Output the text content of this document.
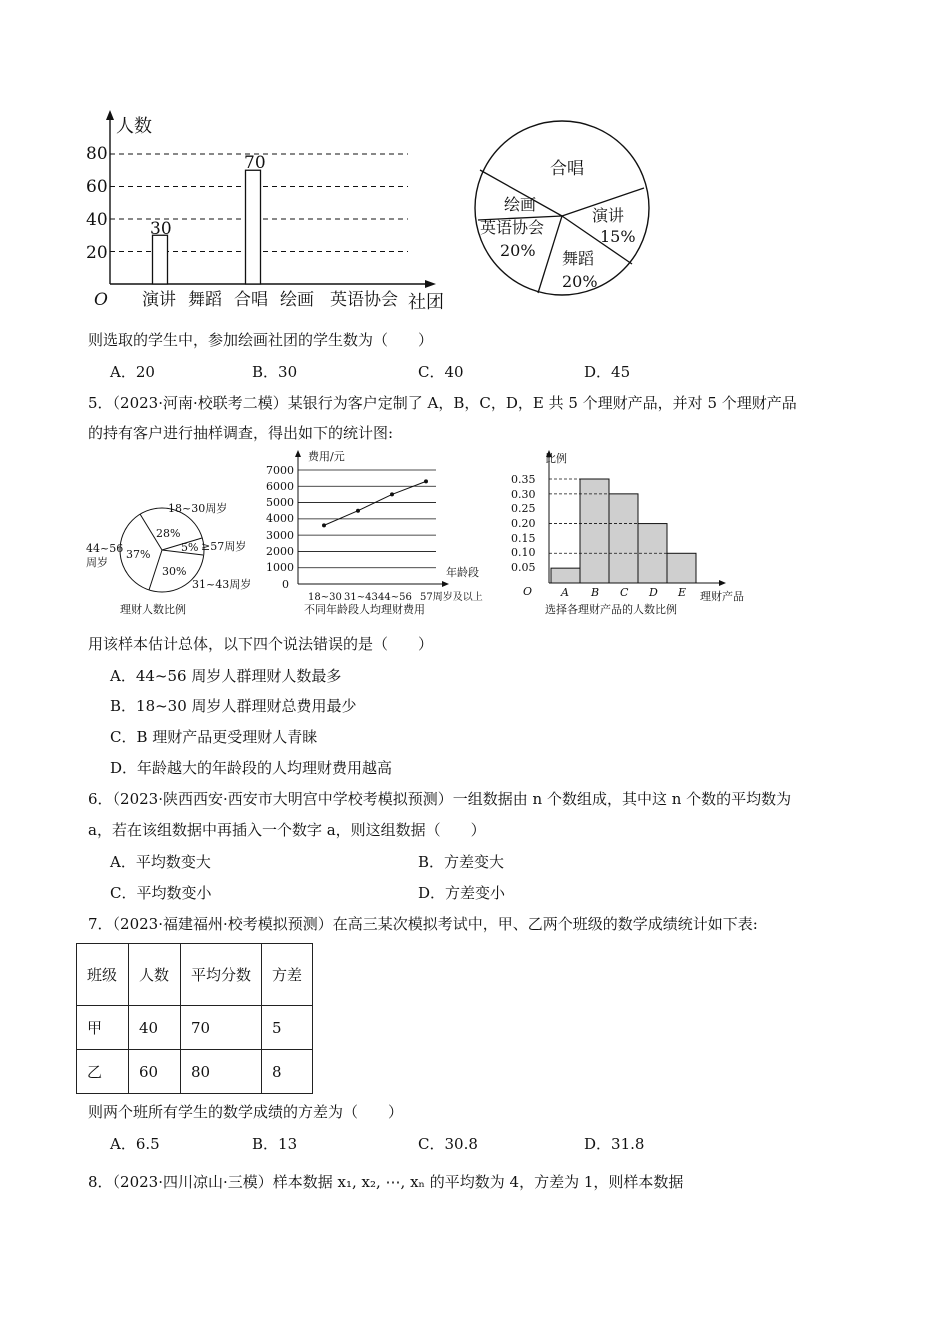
人数
O	社团
80
60
40
20
演讲 舞蹈 合唱 绘画 英语协会
30
70	合唱
绘画
英语协会
20%
演讲
15%
舞蹈
20%
则选取的学生中，参加绘画社团的学生数为（　　）
A．20	B．30	C．40	D．45
5．（2023·河南·校联考二模）某银行为客户定制了 A，B，C，D，E 共 5 个理财产品，并对 5 个理财产品
的持有客户进行抽样调查，得出如下的统计图:
18~30周岁
≥57周岁
44~56
周岁
31~43周岁
28%
5%
37%
30%
理财人数比例
费用/元
年龄段
7000
6000
5000
4000
3000
2000
1000
0
18~30 31~43 44~56 57周岁及以上
不同年龄段人均理财费用
比例
理财产品
O
0.35
0.30
0.25
0.20
0.15
0.10
0.05
A B C D E
选择各理财产品的人数比例
用该样本估计总体，以下四个说法错误的是（　　）
A．44~56 周岁人群理财人数最多
B．18~30 周岁人群理财总费用最少
C．B 理财产品更受理财人青睐
D．年龄越大的年龄段的人均理财费用越高
6．（2023·陕西西安·西安市大明宫中学校考模拟预测）一组数据由 n 个数组成，其中这 n 个数的平均数为
a，若在该组数据中再插入一个数字 a，则这组数据（　　）
A．平均数变大	B．方差变大
C．平均数变小	D．方差变小
7．（2023·福建福州·校考模拟预测）在高三某次模拟考试中，甲、乙两个班级的数学成绩统计如下表:
班级	人数	平均分数	方差
甲	40	70	5
乙	60	80	8
则两个班所有学生的数学成绩的方差为（　　）
A．6.5	B．13	C．30.8	D．31.8
8．（2023·四川凉山·三模）样本数据 x₁, x₂, ⋯, xₙ 的平均数为 4，方差为 1，则样本数据
